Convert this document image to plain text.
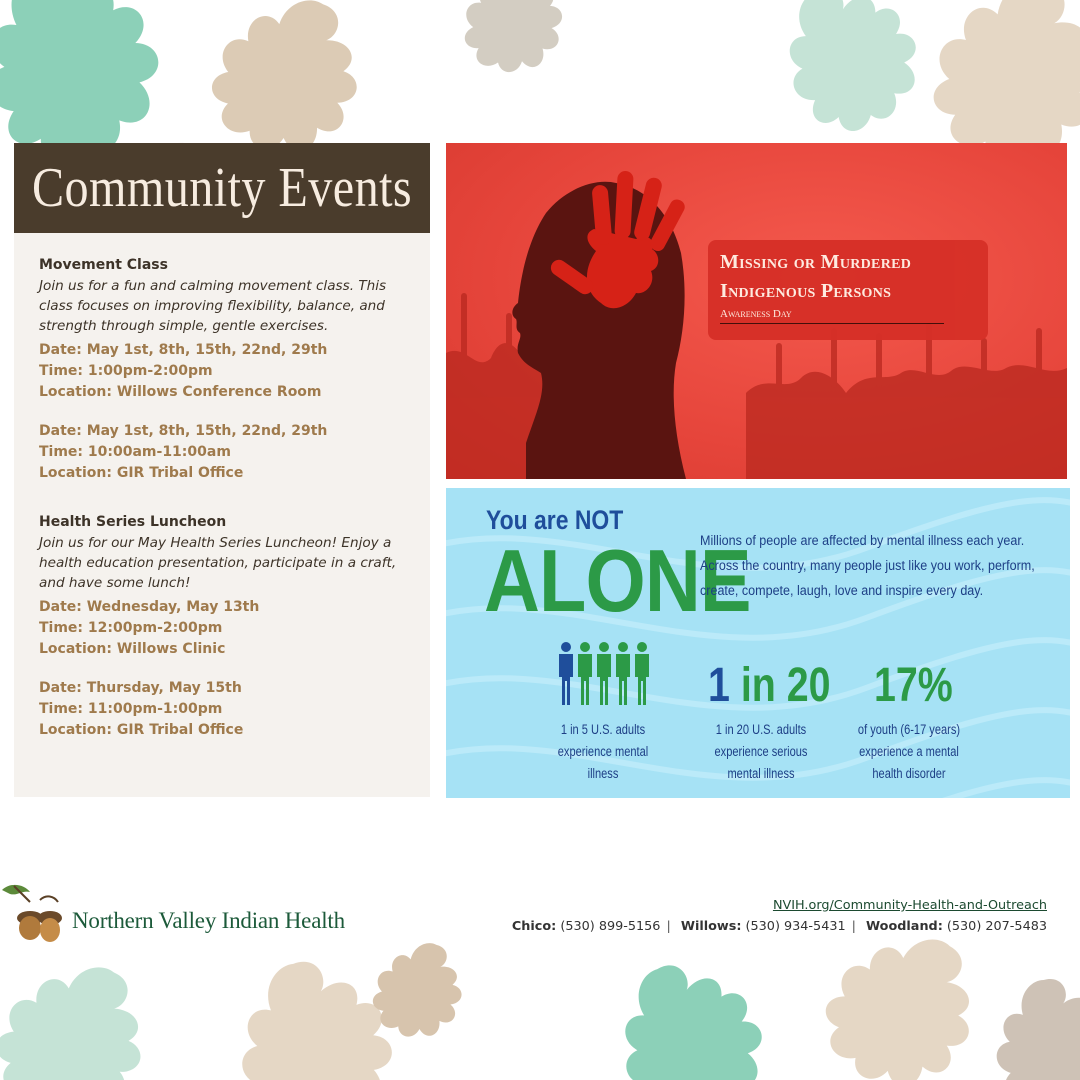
Community Events
Movement Class
Join us for a fun and calming movement class. This class focuses on improving flexibility, balance, and strength through simple, gentle exercises.
Date: May 1st, 8th, 15th, 22nd, 29th
Time: 1:00pm-2:00pm
Location: Willows Conference Room
Date: May 1st, 8th, 15th, 22nd, 29th
Time: 10:00am-11:00am
Location: GIR Tribal Office
Health Series Luncheon
Join us for our May Health Series Luncheon! Enjoy a health education presentation, participate in a craft, and have some lunch!
Date: Wednesday, May 13th
Time: 12:00pm-2:00pm
Location: Willows Clinic
Date: Thursday, May 15th
Time: 11:00pm-1:00pm
Location: GIR Tribal Office
Missing or Murdered
Indigenous Persons
Awareness Day
You are NOT
ALONE
Millions of people are affected by mental illness each year. Across the country, many people just like you work, perform, create, compete, laugh, love and inspire every day.
1 in 20 17%
1 in 5 U.S. adults experience mental illness
1 in 20 U.S. adults experience serious mental illness
of youth (6-17 years) experience a mental health disorder
Northern Valley Indian Health
NVIH.org/Community-Health-and-Outreach
Chico: (530) 899-5156 | Willows: (530) 934-5431 | Woodland: (530) 207-5483
